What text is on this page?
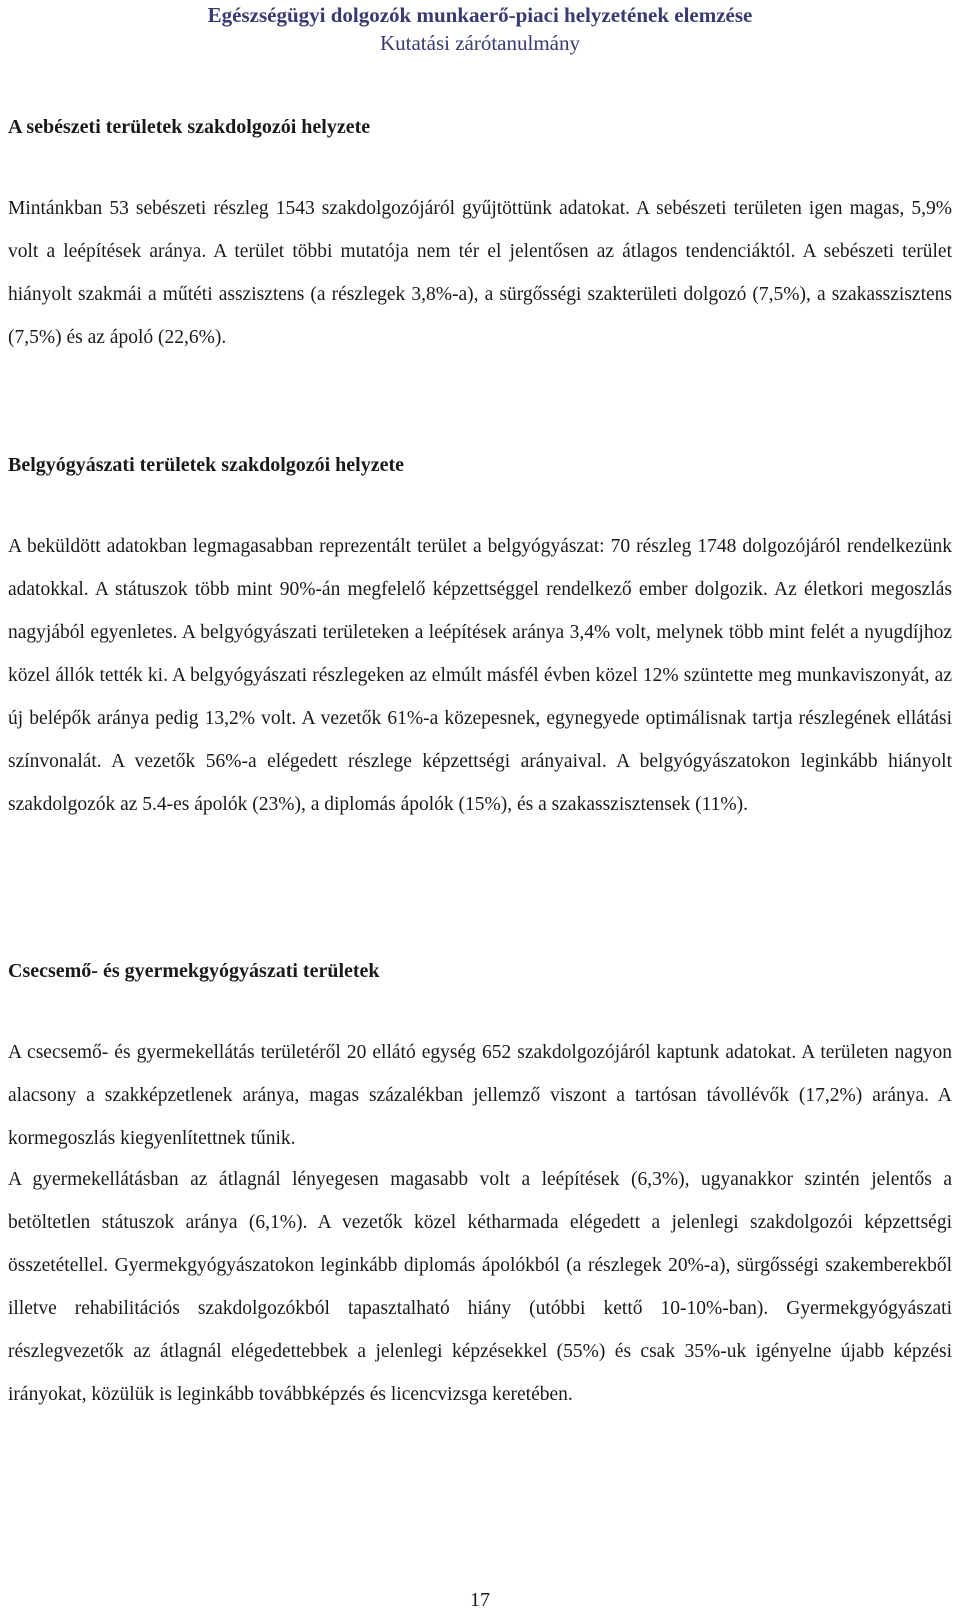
Egészségügyi dolgozók munkaerő-piaci helyzetének elemzése
Kutatási zárótanulmány
A sebészeti területek szakdolgozói helyzete
Mintánkban 53 sebészeti részleg 1543 szakdolgozójáról gyűjtöttünk adatokat. A sebészeti területen igen magas, 5,9% volt a leépítések aránya. A terület többi mutatója nem tér el jelentősen az átlagos tendenciáktól. A sebészeti terület hiányolt szakmái a műtéti asszisztens (a részlegek 3,8%-a), a sürgősségi szakterületi dolgozó (7,5%), a szakasszisztens (7,5%) és az ápoló (22,6%).
Belgyógyászati területek szakdolgozói helyzete
A beküldött adatokban legmagasabban reprezentált terület a belgyógyászat: 70 részleg 1748 dolgozójáról rendelkezünk adatokkal. A státuszok több mint 90%-án megfelelő képzettséggel rendelkező ember dolgozik. Az életkori megoszlás nagyjából egyenletes. A belgyógyászati területeken a leépítések aránya 3,4% volt, melynek több mint felét a nyugdíjhoz közel állók tették ki. A belgyógyászati részlegeken az elmúlt másfél évben közel 12% szüntette meg munkaviszonyát, az új belépők aránya pedig 13,2% volt. A vezetők 61%-a közepesnek, egynegyede optimálisnak tartja részlegének ellátási színvonalát. A vezetők 56%-a elégedett részlege képzettségi arányaival. A belgyógyászatokon leginkább hiányolt szakdolgozók az 5.4-es ápolók (23%), a diplomás ápolók (15%), és a szakasszisztensek (11%).
Csecsemő- és gyermekgyógyászati területek
A csecsemő- és gyermekellátás területéről 20 ellátó egység 652 szakdolgozójáról kaptunk adatokat. A területen nagyon alacsony a szakképzetlenek aránya, magas százalékban jellemző viszont a tartósan távollévők (17,2%) aránya. A kormegoszlás kiegyenlítettnek tűnik.
A gyermekellátásban az átlagnál lényegesen magasabb volt a leépítések (6,3%), ugyanakkor szintén jelentős a betöltetlen státuszok aránya (6,1%). A vezetők közel kétharmada elégedett a jelenlegi szakdolgozói képzettségi összetétellel. Gyermekgyógyászatokon leginkább diplomás ápolókból (a részlegek 20%-a), sürgősségi szakemberekből illetve rehabilitációs szakdolgozókból tapasztalható hiány (utóbbi kettő 10-10%-ban). Gyermekgyógyászati részlegvezetők az átlagnál elégedettebbek a jelenlegi képzésekkel (55%) és csak 35%-uk igényelne újabb képzési irányokat, közülük is leginkább továbbképzés és licencvizsga keretében.
17
